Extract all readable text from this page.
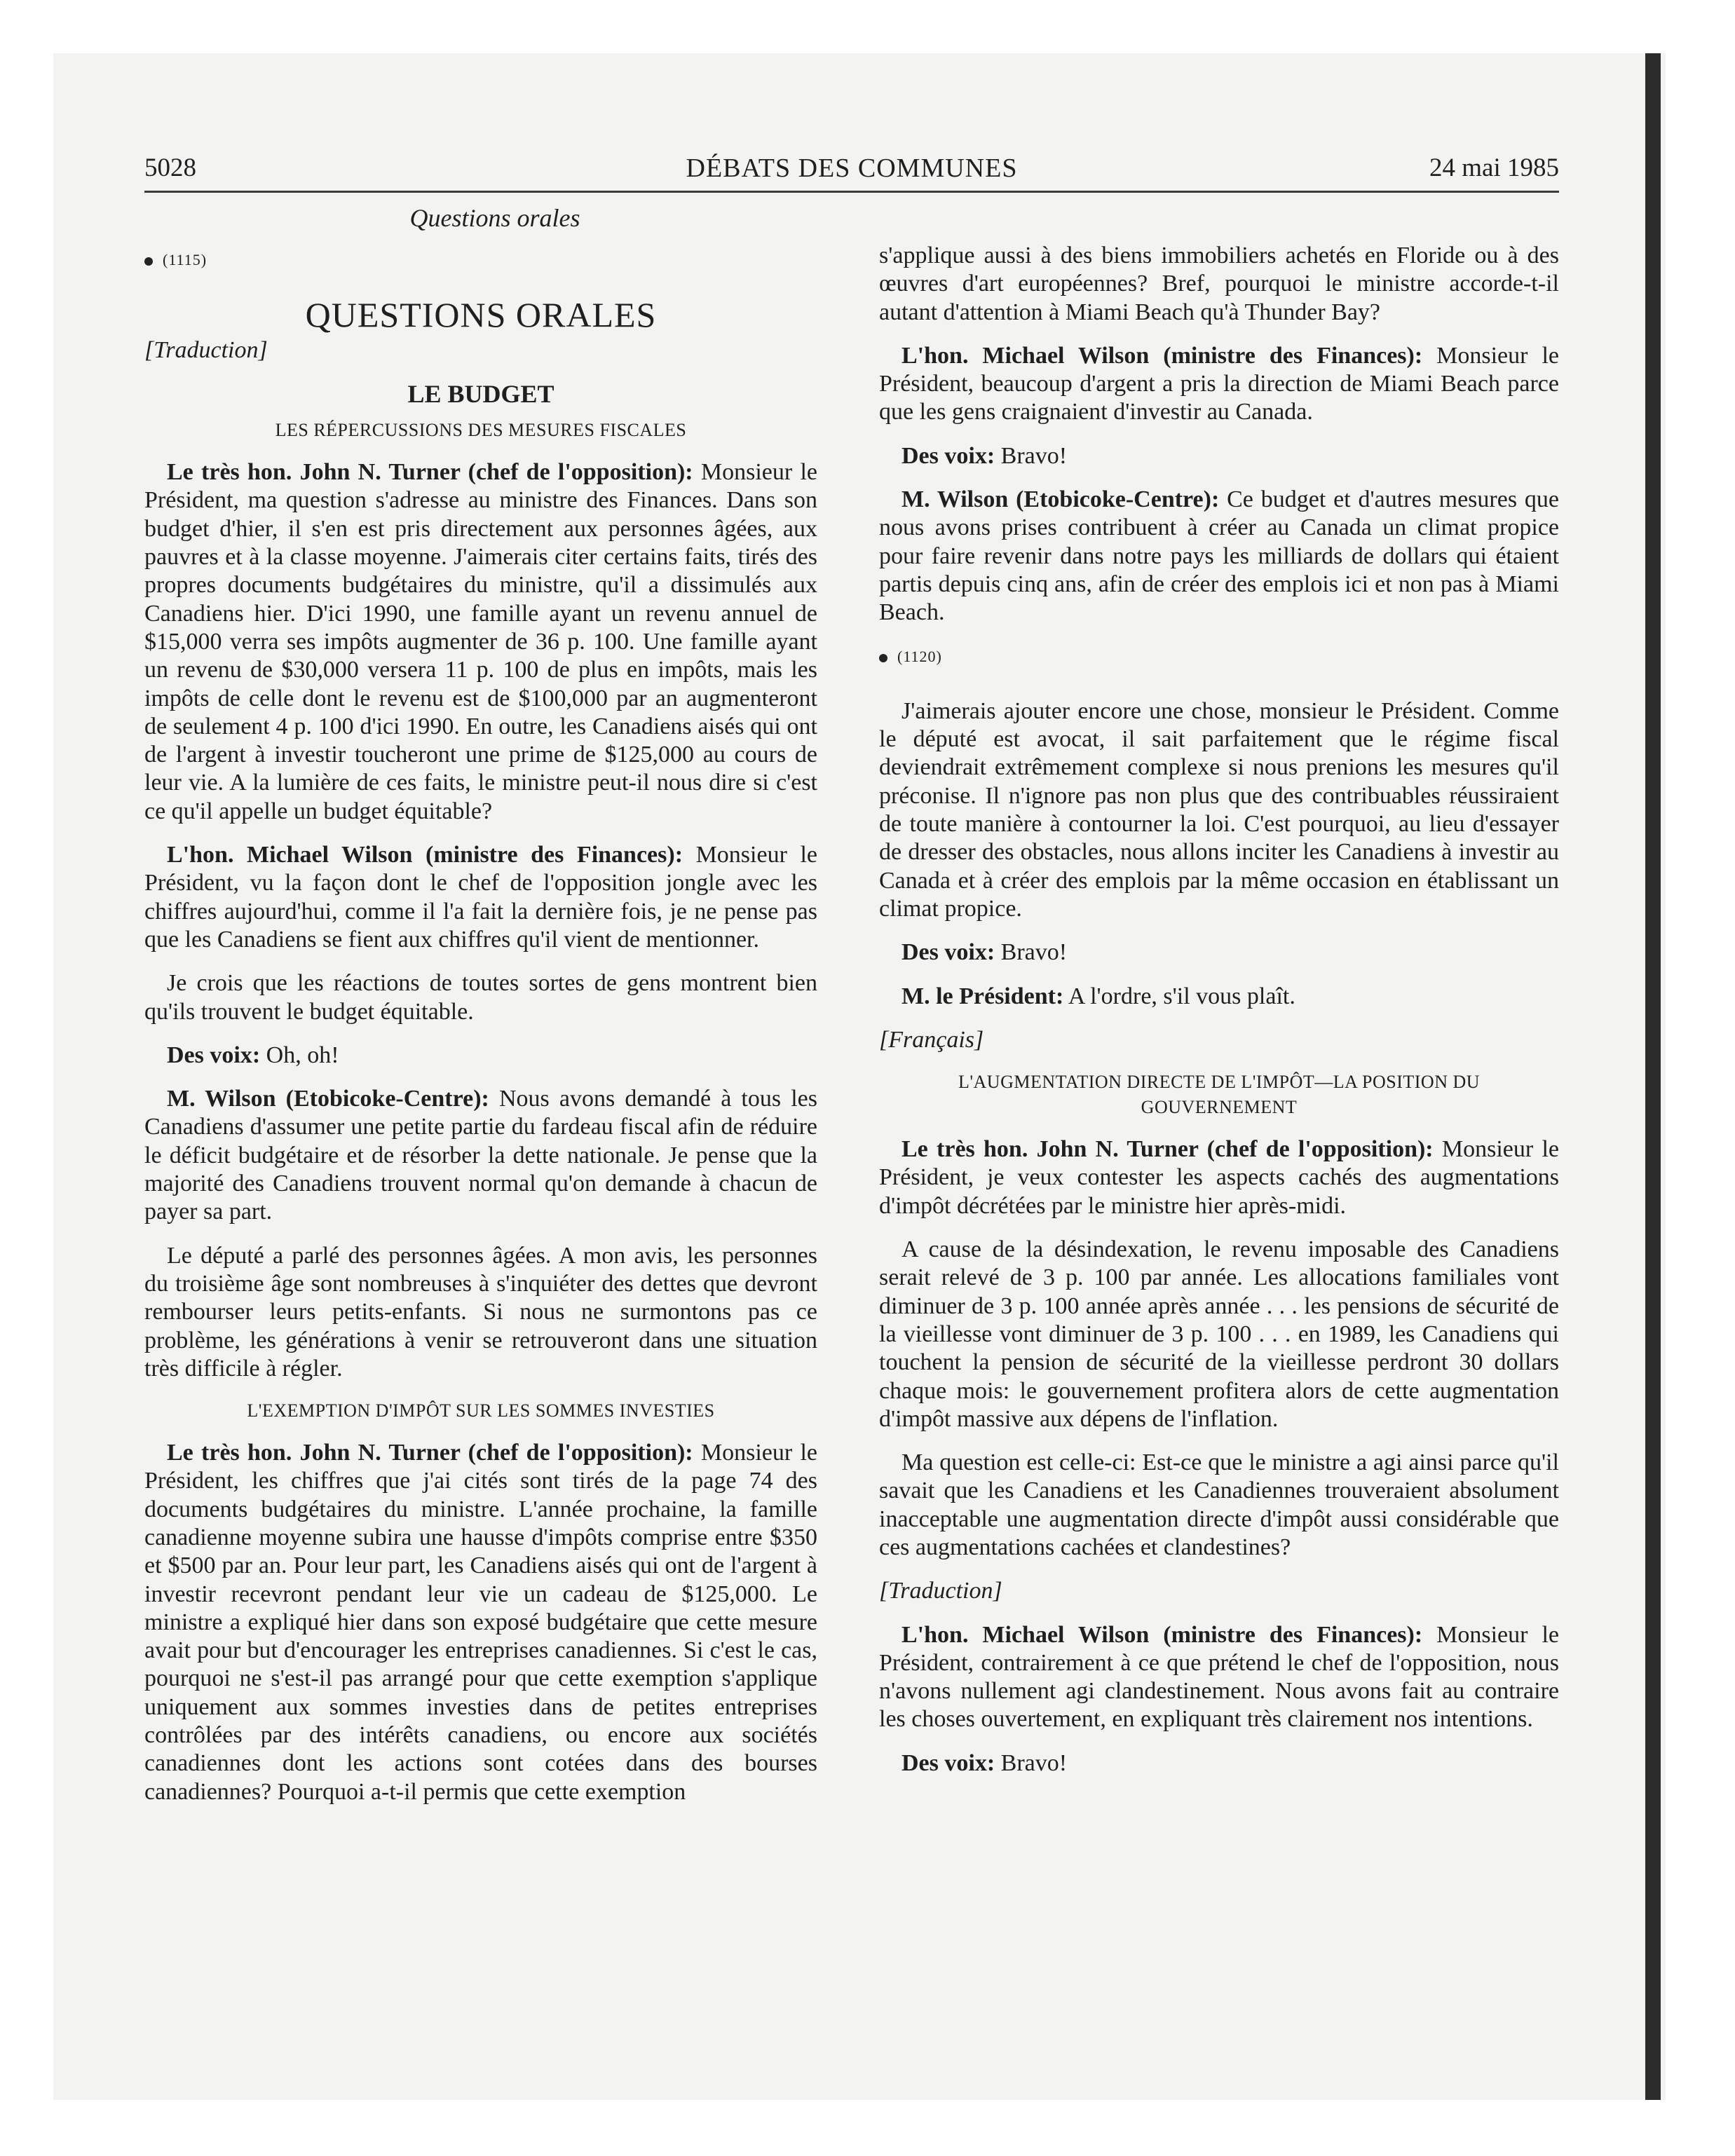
5028	DÉBATS DES COMMUNES	24 mai 1985
Questions orales
(1115)
QUESTIONS ORALES
[Traduction]
LE BUDGET
LES RÉPERCUSSIONS DES MESURES FISCALES

Le très hon. John N. Turner (chef de l'opposition): Monsieur le Président, ma question s'adresse au ministre des Finances. Dans son budget d'hier, il s'en est pris directement aux personnes âgées, aux pauvres et à la classe moyenne. J'aimerais citer certains faits, tirés des propres documents budgétaires du ministre, qu'il a dissimulés aux Canadiens hier. D'ici 1990, une famille ayant un revenu annuel de $15,000 verra ses impôts augmenter de 36 p. 100. Une famille ayant un revenu de $30,000 versera 11 p. 100 de plus en impôts, mais les impôts de celle dont le revenu est de $100,000 par an augmenteront de seulement 4 p. 100 d'ici 1990. En outre, les Canadiens aisés qui ont de l'argent à investir toucheront une prime de $125,000 au cours de leur vie. A la lumière de ces faits, le ministre peut-il nous dire si c'est ce qu'il appelle un budget équitable?

L'hon. Michael Wilson (ministre des Finances): Monsieur le Président, vu la façon dont le chef de l'opposition jongle avec les chiffres aujourd'hui, comme il l'a fait la dernière fois, je ne pense pas que les Canadiens se fient aux chiffres qu'il vient de mentionner.

Je crois que les réactions de toutes sortes de gens montrent bien qu'ils trouvent le budget équitable.

Des voix: Oh, oh!

M. Wilson (Etobicoke-Centre): Nous avons demandé à tous les Canadiens d'assumer une petite partie du fardeau fiscal afin de réduire le déficit budgétaire et de résorber la dette nationale. Je pense que la majorité des Canadiens trouvent normal qu'on demande à chacun de payer sa part.

Le député a parlé des personnes âgées. A mon avis, les personnes du troisième âge sont nombreuses à s'inquiéter des dettes que devront rembourser leurs petits-enfants. Si nous ne surmontons pas ce problème, les générations à venir se retrouveront dans une situation très difficile à régler.

L'EXEMPTION D'IMPÔT SUR LES SOMMES INVESTIES

Le très hon. John N. Turner (chef de l'opposition): Monsieur le Président, les chiffres que j'ai cités sont tirés de la page 74 des documents budgétaires du ministre. L'année prochaine, la famille canadienne moyenne subira une hausse d'impôts comprise entre $350 et $500 par an. Pour leur part, les Canadiens aisés qui ont de l'argent à investir recevront pendant leur vie un cadeau de $125,000. Le ministre a expliqué hier dans son exposé budgétaire que cette mesure avait pour but d'encourager les entreprises canadiennes. Si c'est le cas, pourquoi ne s'est-il pas arrangé pour que cette exemption s'applique uniquement aux sommes investies dans de petites entreprises contrôlées par des intérêts canadiens, ou encore aux sociétés canadiennes dont les actions sont cotées dans des bourses canadiennes? Pourquoi a-t-il permis que cette exemption

s'applique aussi à des biens immobiliers achetés en Floride ou à des œuvres d'art européennes? Bref, pourquoi le ministre accorde-t-il autant d'attention à Miami Beach qu'à Thunder Bay?

L'hon. Michael Wilson (ministre des Finances): Monsieur le Président, beaucoup d'argent a pris la direction de Miami Beach parce que les gens craignaient d'investir au Canada.

Des voix: Bravo!

M. Wilson (Etobicoke-Centre): Ce budget et d'autres mesures que nous avons prises contribuent à créer au Canada un climat propice pour faire revenir dans notre pays les milliards de dollars qui étaient partis depuis cinq ans, afin de créer des emplois ici et non pas à Miami Beach.

(1120)

J'aimerais ajouter encore une chose, monsieur le Président. Comme le député est avocat, il sait parfaitement que le régime fiscal deviendrait extrêmement complexe si nous prenions les mesures qu'il préconise. Il n'ignore pas non plus que des contribuables réussiraient de toute manière à contourner la loi. C'est pourquoi, au lieu d'essayer de dresser des obstacles, nous allons inciter les Canadiens à investir au Canada et à créer des emplois par la même occasion en établissant un climat propice.

Des voix: Bravo!

M. le Président: A l'ordre, s'il vous plaît.

[Français]
L'AUGMENTATION DIRECTE DE L'IMPÔT—LA POSITION DU GOUVERNEMENT

Le très hon. John N. Turner (chef de l'opposition): Monsieur le Président, je veux contester les aspects cachés des augmentations d'impôt décrétées par le ministre hier après-midi.

A cause de la désindexation, le revenu imposable des Canadiens serait relevé de 3 p. 100 par année. Les allocations familiales vont diminuer de 3 p. 100 année après année . . . les pensions de sécurité de la vieillesse vont diminuer de 3 p. 100 . . . en 1989, les Canadiens qui touchent la pension de sécurité de la vieillesse perdront 30 dollars chaque mois: le gouvernement profitera alors de cette augmentation d'impôt massive aux dépens de l'inflation.

Ma question est celle-ci: Est-ce que le ministre a agi ainsi parce qu'il savait que les Canadiens et les Canadiennes trouveraient absolument inacceptable une augmentation directe d'impôt aussi considérable que ces augmentations cachées et clandestines?

[Traduction]

L'hon. Michael Wilson (ministre des Finances): Monsieur le Président, contrairement à ce que prétend le chef de l'opposition, nous n'avons nullement agi clandestinement. Nous avons fait au contraire les choses ouvertement, en expliquant très clairement nos intentions.

Des voix: Bravo!
